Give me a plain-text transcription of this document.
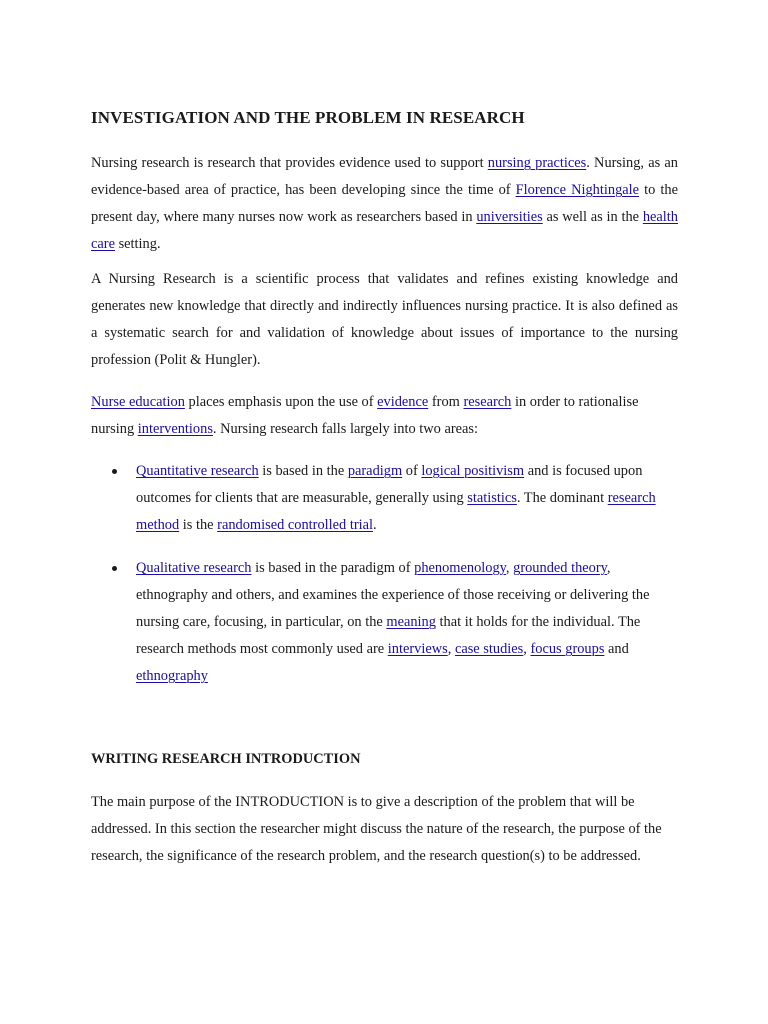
INVESTIGATION AND THE PROBLEM IN RESEARCH

Nursing research is research that provides evidence used to support nursing practices. Nursing, as an evidence-based area of practice, has been developing since the time of Florence Nightingale to the present day, where many nurses now work as researchers based in universities as well as in the health care setting.

A Nursing Research is a scientific process that validates and refines existing knowledge and generates new knowledge that directly and indirectly influences nursing practice. It is also defined as a systematic search for and validation of knowledge about issues of importance to the nursing profession (Polit & Hungler).

Nurse education places emphasis upon the use of evidence from research in order to rationalise nursing interventions. Nursing research falls largely into two areas:

Quantitative research is based in the paradigm of logical positivism and is focused upon outcomes for clients that are measurable, generally using statistics. The dominant research method is the randomised controlled trial.

Qualitative research is based in the paradigm of phenomenology, grounded theory, ethnography and others, and examines the experience of those receiving or delivering the nursing care, focusing, in particular, on the meaning that it holds for the individual. The research methods most commonly used are interviews, case studies, focus groups and ethnography

WRITING RESEARCH INTRODUCTION

The main purpose of the INTRODUCTION is to give a description of the problem that will be addressed. In this section the researcher might discuss the nature of the research, the purpose of the research, the significance of the research problem, and the research question(s) to be addressed.
